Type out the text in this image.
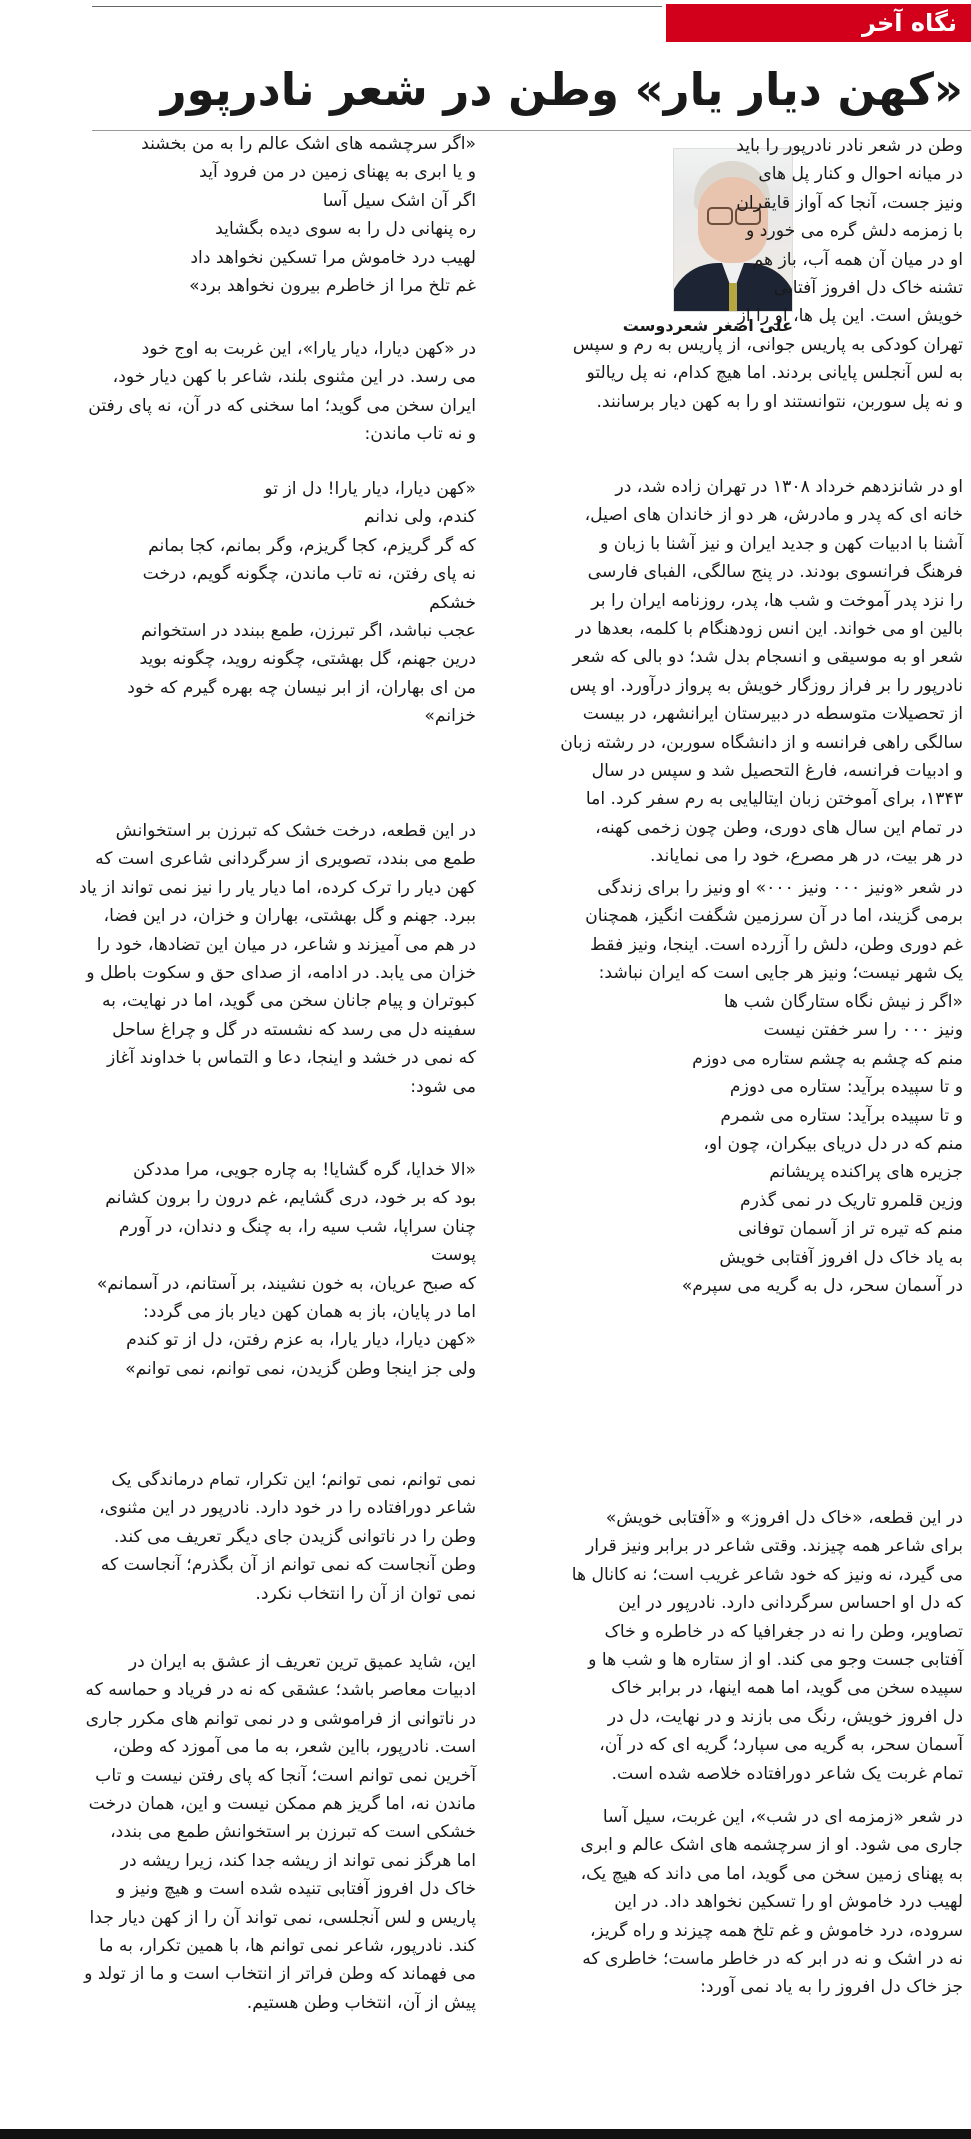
نگاه آخر
«کهن دیار یار» وطن در شعر نادرپور

علی اصغر شعردوست

وطن در شعر نادر نادرپور را باید
در میانه احوال و کنار پل های
ونیز جست، آنجا که آواز قایقران
با زمزمه دلش گره می خورد و
او در میان آن همه آب، باز هم
تشنه خاک دل افروز آفتابی
خویش است. این پل ها، او را از
تهران کودکی به پاریس جوانی، از پاریس به رم و سپس
به لس آنجلس پایانی بردند. اما هیچ کدام، نه پل ریالتو
و نه پل سوربن، نتوانستند او را به کهن دیار برسانند.
او در شانزدهم خرداد ۱۳۰۸ در تهران زاده شد، در
خانه ای که پدر و مادرش، هر دو از خاندان های اصیل،
آشنا با ادبیات کهن و جدید ایران و نیز آشنا با زبان و
فرهنگ فرانسوی بودند. در پنج سالگی، الفبای فارسی
را نزد پدر آموخت و شب ها، پدر، روزنامه ایران را بر
بالین او می خواند. این انس زودهنگام با کلمه، بعدها در
شعر او به موسیقی و انسجام بدل شد؛ دو بالی که شعر
نادرپور را بر فراز روزگار خویش به پرواز درآورد. او پس
از تحصیلات متوسطه در دبیرستان ایرانشهر، در بیست
سالگی راهی فرانسه و از دانشگاه سوربن، در رشته زبان
و ادبیات فرانسه، فارغ التحصیل شد و سپس در سال
۱۳۴۳، برای آموختن زبان ایتالیایی به رم سفر کرد. اما
در تمام این سال های دوری، وطن چون زخمی کهنه،
در هر بیت، در هر مصرع، خود را می نمایاند.
در شعر «ونیز ۰۰۰ ونیز ۰۰۰» او ونیز را برای زندگی
برمی گزیند، اما در آن سرزمین شگفت انگیز، همچنان
غم دوری وطن، دلش را آزرده است. اینجا، ونیز فقط
یک شهر نیست؛ ونیز هر جایی است که ایران نباشد:
«اگر ز نیش نگاه ستارگان شب ها
ونیز ۰۰۰ را سر خفتن نیست
منم که چشم به چشم ستاره می دوزم
و تا سپیده برآید: ستاره می دوزم
و تا سپیده برآید: ستاره می شمرم
منم که در دل دریای بیکران، چون او،
جزیره های پراکنده پریشانم
وزین قلمرو تاریک در نمی گذرم
منم که تیره تر از آسمان توفانی
به یاد خاک دل افروز آفتابی خویش
در آسمان سحر، دل به گریه می سپرم»
در این قطعه، «خاک دل افروز» و «آفتابی خویش»
برای شاعر همه چیزند. وقتی شاعر در برابر ونیز قرار
می گیرد، نه ونیز که خود شاعر غریب است؛ نه کانال ها
که دل او احساس سرگردانی دارد. نادرپور در این
تصاویر، وطن را نه در جغرافیا که در خاطره و خاک
آفتابی جست وجو می کند. او از ستاره ها و شب ها و
سپیده سخن می گوید، اما همه اینها، در برابر خاک
دل افروز خویش، رنگ می بازند و در نهایت، دل در
آسمان سحر، به گریه می سپارد؛ گریه ای که در آن،
تمام غربت یک شاعر دورافتاده خلاصه شده است.
در شعر «زمزمه ای در شب»، این غربت، سیل آسا
جاری می شود. او از سرچشمه های اشک عالم و ابری
به پهنای زمین سخن می گوید، اما می داند که هیچ یک،
لهیب درد خاموش او را تسکین نخواهد داد. در این
سروده، درد خاموش و غم تلخ همه چیزند و راه گریز،
نه در اشک و نه در ابر که در خاطر ماست؛ خاطری که
جز خاک دل افروز را به یاد نمی آورد:
«اگر سرچشمه های اشک عالم را به من بخشند
و یا ابری به پهنای زمین در من فرود آید
اگر آن اشک سیل آسا
ره پنهانی دل را به سوی دیده بگشاید
لهیب درد خاموش مرا تسکین نخواهد داد
غم تلخ مرا از خاطرم بیرون نخواهد برد»
در «کهن دیارا، دیار یارا»، این غربت به اوج خود
می رسد. در این مثنوی بلند، شاعر با کهن دیار خود،
ایران سخن می گوید؛ اما سخنی که در آن، نه پای رفتن
و نه تاب ماندن:
«کهن دیارا، دیار یارا! دل از تو
کندم، ولی ندانم
که گر گریزم، کجا گریزم، وگر بمانم، کجا بمانم
نه پای رفتن، نه تاب ماندن، چگونه گویم، درخت
خشکم
عجب نباشد، اگر تبرزن، طمع ببندد در استخوانم
درین جهنم، گل بهشتی، چگونه روید، چگونه بوید
من ای بهاران، از ابر نیسان چه بهره گیرم که خود
خزانم»
در این قطعه، درخت خشک که تبرزن بر استخوانش
طمع می بندد، تصویری از سرگردانی شاعری است که
کهن دیار را ترک کرده، اما دیار یار را نیز نمی تواند از یاد
ببرد. جهنم و گل بهشتی، بهاران و خزان، در این فضا،
در هم می آمیزند و شاعر، در میان این تضادها، خود را
خزان می یابد. در ادامه، از صدای حق و سکوت باطل و
کبوتران و پیام جانان سخن می گوید، اما در نهایت، به
سفینه دل می رسد که نشسته در گل و چراغ ساحل
که نمی در خشد و اینجا، دعا و التماس با خداوند آغاز
می شود:
«الا خدایا، گره گشایا! به چاره جویی، مرا مددکن
بود که بر خود، دری گشایم، غم درون را برون کشانم
چنان سراپا، شب سیه را، به چنگ و دندان، در آورم
پوست
که صبح عریان، به خون نشیند، بر آستانم، در آسمانم»
اما در پایان، باز به همان کهن دیار باز می گردد:
«کهن دیارا، دیار یارا، به عزم رفتن، دل از تو کندم
ولی جز اینجا وطن گزیدن، نمی توانم، نمی توانم»
نمی توانم، نمی توانم؛ این تکرار، تمام درماندگی یک
شاعر دورافتاده را در خود دارد. نادرپور در این مثنوی،
وطن را در ناتوانی گزیدن جای دیگر تعریف می کند.
وطن آنجاست که نمی توانم از آن بگذرم؛ آنجاست که
نمی توان از آن را انتخاب نکرد.
این، شاید عمیق ترین تعریف از عشق به ایران در
ادبیات معاصر باشد؛ عشقی که نه در فریاد و حماسه که
در ناتوانی از فراموشی و در نمی توانم های مکرر جاری
است. نادرپور، بااین شعر، به ما می آموزد که وطن،
آخرین نمی توانم است؛ آنجا که پای رفتن نیست و تاب
ماندن نه، اما گریز هم ممکن نیست و این، همان درخت
خشکی است که تبرزن بر استخوانش طمع می بندد،
اما هرگز نمی تواند از ریشه جدا کند، زیرا ریشه در
خاک دل افروز آفتابی تنیده شده است و هیچ ونیز و
پاریس و لس آنجلسی، نمی تواند آن را از کهن دیار جدا
کند. نادرپور، شاعر نمی توانم ها، با همین تکرار، به ما
می فهماند که وطن فراتر از انتخاب است و ما از تولد و
پیش از آن، انتخاب وطن هستیم.
